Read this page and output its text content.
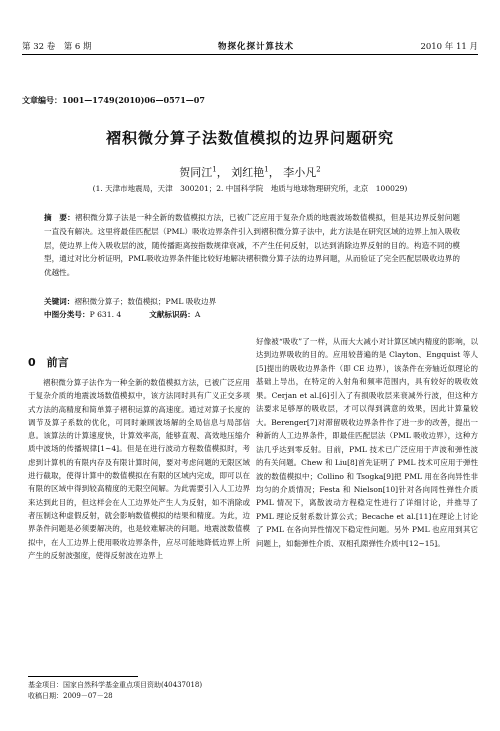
第 32 卷　第 6 期	物探化探计算技术	2010 年 11 月
文章编号：1001—1749(2010)06—0571—07
褶积微分算子法数值模拟的边界问题研究
贺同江$^1$， 刘红艳$^1$， 李小凡$^2$
(1. 天津市地震局，天津　300201；2. 中国科学院　地质与地球物理研究所，北京　100029)
摘　要：褶积微分算子法是一种全新的数值模拟方法，已被广泛应用于复杂介质的地震波场数值模拟，但是其边界反射问题一直没有解决。这里将最佳匹配层（PML）吸收边界条件引入到褶积微分算子法中，此方法是在研究区域的边界上加入吸收层，使边界上传入吸收层的波，随传播距离按指数规律衰减，不产生任何反射，以达到消除边界反射的目的。构造不同的模型，通过对比分析证明，PML吸收边界条件能比较好地解决褶积微分算子法的边界问题，从而验证了完全匹配层吸收边界的优越性。
关键词：褶积微分算子；数值模拟；PML 吸收边界
中图分类号：P 631. 4	文献标识码：A
0　前言

褶积微分算子法作为一种全新的数值模拟方法，已被广泛应用于复杂介质的地震波场数值模拟中，该方法同时具有广义正交多项式方法的高精度和简单算子褶积运算的高速度。通过对算子长度的调节及算子系数的优化，可同时兼顾波场解的全局信息与局部信息。该算法的计算速度快，计算效率高，能够直观、高效地压缩介质中波场的传播规律[1~4]。但是在进行波动方程数值模拟时，考虑到计算机的有限内存及有限计算时间，要对考虑问题的无限区域进行截取，使得计算中的数值模拟在有限的区域内完成，即可以在有限的区域中得到较高精度的无限空间解。为此需要引入人工边界来达到此目的，但这样会在人工边界处产生人为反射，如不消除或者压制这种虚假反射，就会影响数值模拟的结果和精度。为此，边界条件问题是必须要解决的，也是较难解决的问题。地震波数值模拟中，在人工边界上使用吸收边界条件，应尽可能地降低边界上所产生的反射波强度，使得反射波在边界上

好像被“吸收”了一样，从而大大减小对计算区域内精度的影响，以达到边界吸收的目的。应用较普遍的是 Clayton、Engquist 等人[5]提出的吸收边界条件（即 CE 边界），该条件在旁轴近似理论的基础上导出，在特定的入射角和频率范围内，具有较好的吸收效果。Cerjan et al.[6]引入了有损吸收层来衰减外行波，但这种方法要求足够厚的吸收层，才可以得到满意的效果，因此计算量较大。Berenger[7]对滞留吸收边界条件作了进一步的改善，提出一种新的人工边界条件，即最佳匹配层法（PML 吸收边界），这种方法几乎达到零反射。目前，PML 技术已广泛应用于声波和弹性波的有关问题。Chew 和 Liu[8]首先证明了 PML 技术可应用于弹性波的数值模拟中；Collino 和 Tsogka[9]把 PML 用在各向异性非均匀的介质情况；Festa 和 Nielson[10]针对各向同性弹性介质 PML 情况下，离散波动方程稳定性进行了详细讨论，并推导了 PML 理论反射系数计算公式；Becache et al.[11]在理论上讨论了 PML 在各向异性情况下稳定性问题。另外 PML 也应用到其它问题上，如黏弹性介质、双相孔隙弹性介质中[12~15]。

基金项目：国家自然科学基金重点项目资助(40437018)
收稿日期：2009－07－28
